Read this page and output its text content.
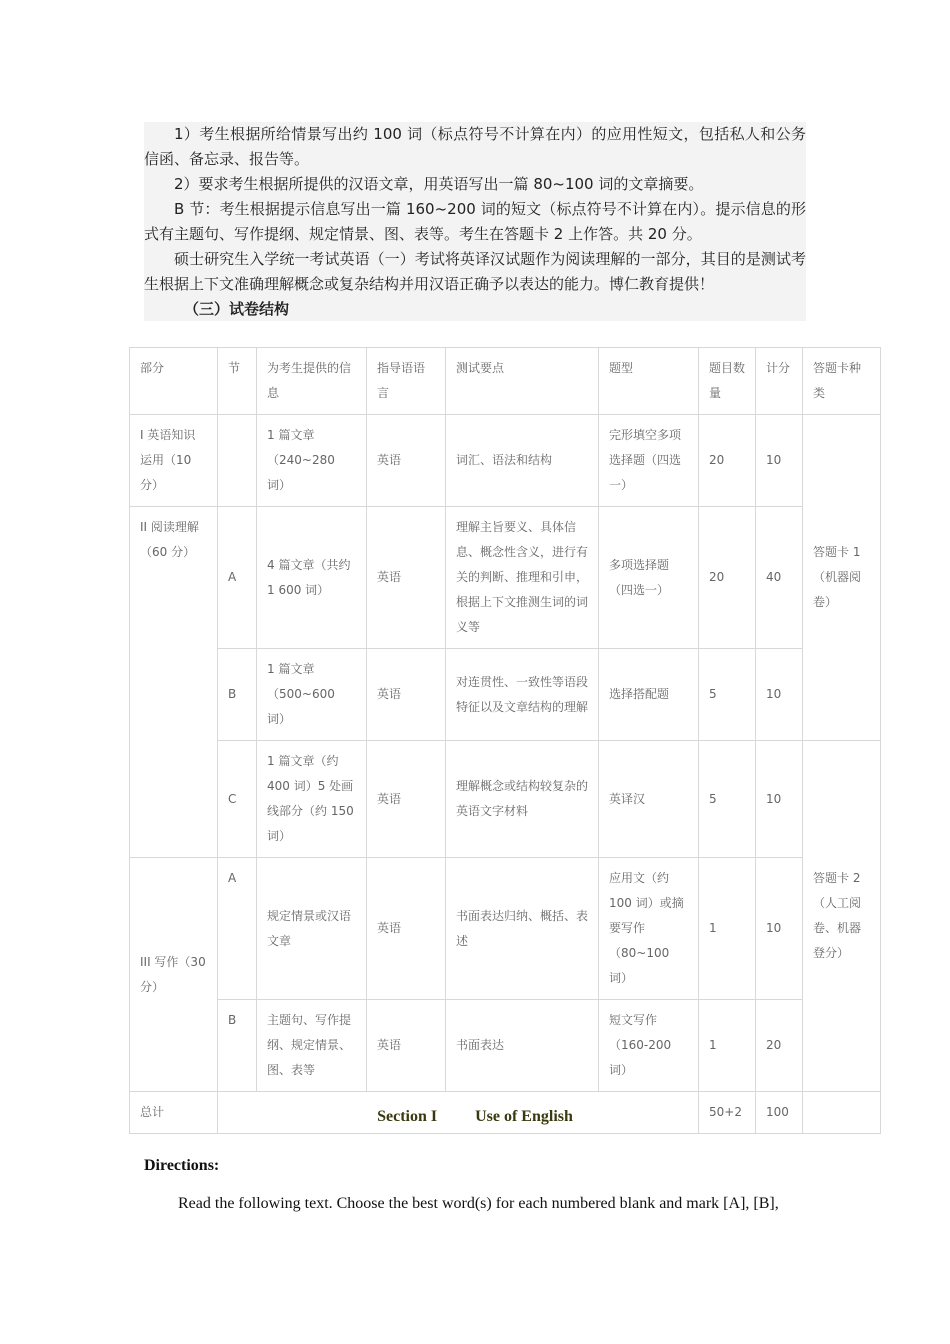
1）考生根据所给情景写出约 100 词（标点符号不计算在内）的应用性短文，包括私人和公务信函、备忘录、报告等。

2）要求考生根据所提供的汉语文章，用英语写出一篇 80~100 词的文章摘要。

B 节：考生根据提示信息写出一篇 160~200 词的短文（标点符号不计算在内）。提示信息的形式有主题句、写作提纲、规定情景、图、表等。考生在答题卡 2 上作答。共 20 分。

硕士研究生入学统一考试英语（一）考试将英译汉试题作为阅读理解的一部分，其目的是测试考生根据上下文准确理解概念或复杂结构并用汉语正确予以表达的能力。博仁教育提供！

（三）试卷结构
部分	节	为考生提供的信息	指导语语言	测试要点	题型	题目数量	计分	答题卡种类
I 英语知识运用（10 分）		1 篇文章（240~280 词）	英语	词汇、语法和结构	完形填空多项选择题（四选一）	20	10	答题卡 1（机器阅卷）
II 阅读理解（60 分）	A	4 篇文章（共约 1 600 词）	英语	理解主旨要义、具体信息、概念性含义，进行有关的判断、推理和引申，根据上下文推测生词的词义等	多项选择题（四选一）	20	40	
	B	1 篇文章（500~600 词）	英语	对连贯性、一致性等语段特征以及文章结构的理解	选择搭配题	5	10	
	C	1 篇文章（约 400 词）5 处画线部分（约 150 词）	英语	理解概念或结构较复杂的英语文字材料	英译汉	5	10	答题卡 2（人工阅卷、机器登分）
III 写作（30 分）	A	规定情景或汉语文章	英语	书面表达归纳、概括、表述	应用文（约 100 词）或摘要写作（80~100 词）	1	10	
	B	主题句、写作提纲、规定情景、图、表等	英语	书面表达	短文写作（160-200 词）	1	20	
总计						50+2	100	
Section I Use of English
Directions:
Read the following text. Choose the best word(s) for each numbered blank and mark [A], [B],
